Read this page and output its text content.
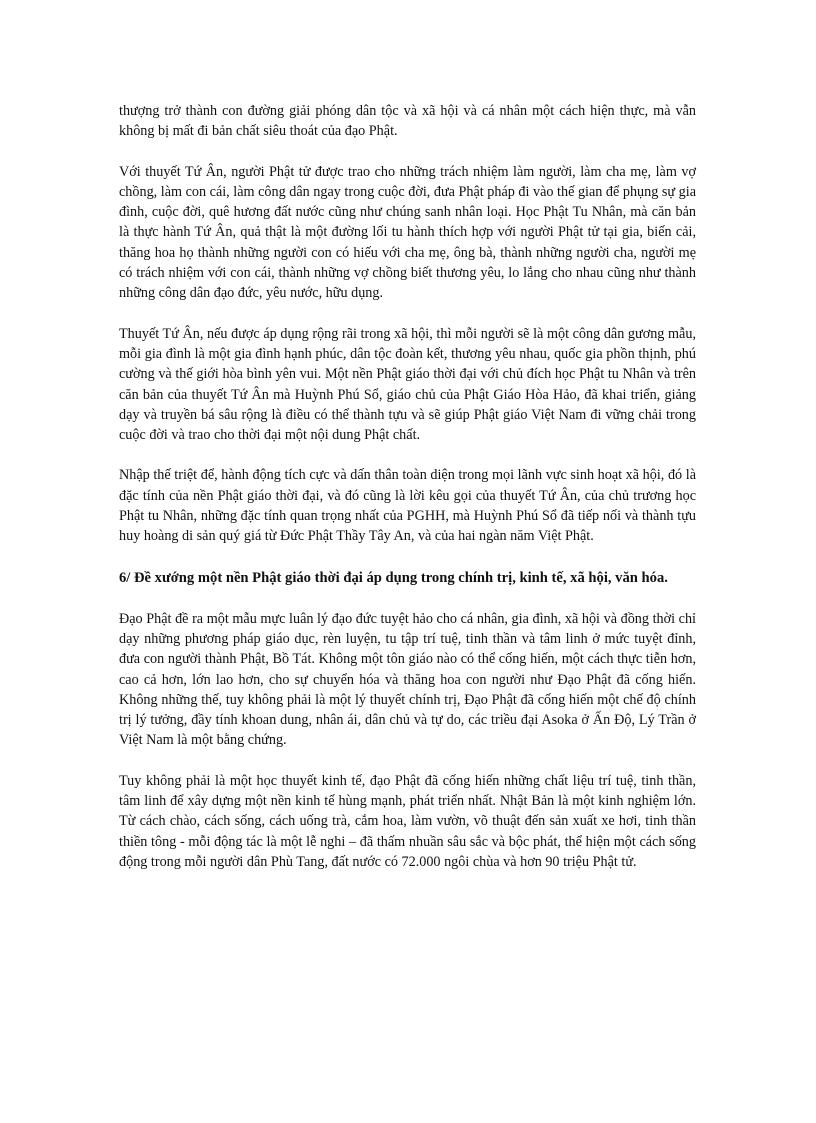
thượng trở thành con đường giải phóng dân tộc và xã hội và cá nhân một cách hiện thực, mà vẫn không bị mất đi bản chất siêu thoát của đạo Phật.

Với thuyết Tứ Ân, người Phật tử được trao cho những trách nhiệm làm người, làm cha mẹ, làm vợ chồng, làm con cái, làm công dân ngay trong cuộc đời, đưa Phật pháp đi vào thế gian để phụng sự gia đình, cuộc đời, quê hương đất nước cũng như chúng sanh nhân loại. Học Phật Tu Nhân, mà căn bản là thực hành Tứ Ân, quả thật là một đường lối tu hành thích hợp với người Phật tử tại gia, biến cải, thăng hoa họ thành những người con có hiếu với cha mẹ, ông bà, thành những người cha, người mẹ có trách nhiệm với con cái, thành những vợ chồng biết thương yêu, lo lắng cho nhau cũng như thành những công dân đạo đức, yêu nước, hữu dụng.

Thuyết Tứ Ân, nếu được áp dụng rộng rãi trong xã hội, thì mỗi người sẽ là một công dân gương mẫu, mỗi gia đình là một gia đình hạnh phúc, dân tộc đoàn kết, thương yêu nhau, quốc gia phồn thịnh, phú cường và thế giới hòa bình yên vui. Một nền Phật giáo thời đại với chủ đích học Phật tu Nhân và trên căn bản của thuyết Tứ Ân mà Huỳnh Phú Sổ, giáo chủ của Phật Giáo Hòa Hảo, đã khai triển, giảng dạy và truyền bá sâu rộng là điều có thể thành tựu và sẽ giúp Phật giáo Việt Nam đi vững chải trong cuộc đời và trao cho thời đại một nội dung Phật chất.

Nhập thế triệt để, hành động tích cực và dấn thân toàn diện trong mọi lãnh vực sinh hoạt xã hội, đó là đặc tính của nền Phật giáo thời đại, và đó cũng là lời kêu gọi của thuyết Tứ Ân, của chủ trương học Phật tu Nhân, những đặc tính quan trọng nhất của PGHH, mà Huỳnh Phú Sổ đã tiếp nối và thành tựu huy hoàng di sản quý giá từ Đức Phật Thầy Tây An, và của hai ngàn năm Việt Phật.

6/ Đề xướng một nền Phật giáo thời đại áp dụng trong chính trị, kinh tế, xã hội, văn hóa.

Đạo Phật đề ra một mẫu mực luân lý đạo đức tuyệt hảo cho cá nhân, gia đình, xã hội và đồng thời chỉ dạy những phương pháp giáo dục, rèn luyện, tu tập trí tuệ, tinh thần và tâm linh ở mức tuyệt đỉnh, đưa con người thành Phật, Bồ Tát. Không một tôn giáo nào có thể cống hiến, một cách thực tiễn hơn, cao cả hơn, lớn lao hơn, cho sự chuyển hóa và thăng hoa con người như Đạo Phật đã cống hiến. Không những thế, tuy không phải là một lý thuyết chính trị, Đạo Phật đã cống hiến một chế độ chính trị lý tưởng, đầy tính khoan dung, nhân ái, dân chủ và tự do, các triều đại Asoka ở Ấn Độ, Lý Trần ở Việt Nam là một bằng chứng.

Tuy không phải là một học thuyết kinh tế, đạo Phật đã cống hiến những chất liệu trí tuệ, tinh thần, tâm linh để xây dựng một nền kinh tế hùng mạnh, phát triển nhất. Nhật Bản là một kinh nghiệm lớn. Từ cách chào, cách sống, cách uống trà, cắm hoa, làm vườn, võ thuật đến sản xuất xe hơi, tinh thần thiền tông - mỗi động tác là một lễ nghi – đã thấm nhuần sâu sắc và bộc phát, thể hiện một cách sống động trong mỗi người dân Phù Tang, đất nước có 72.000 ngôi chùa và hơn 90 triệu Phật tử.
